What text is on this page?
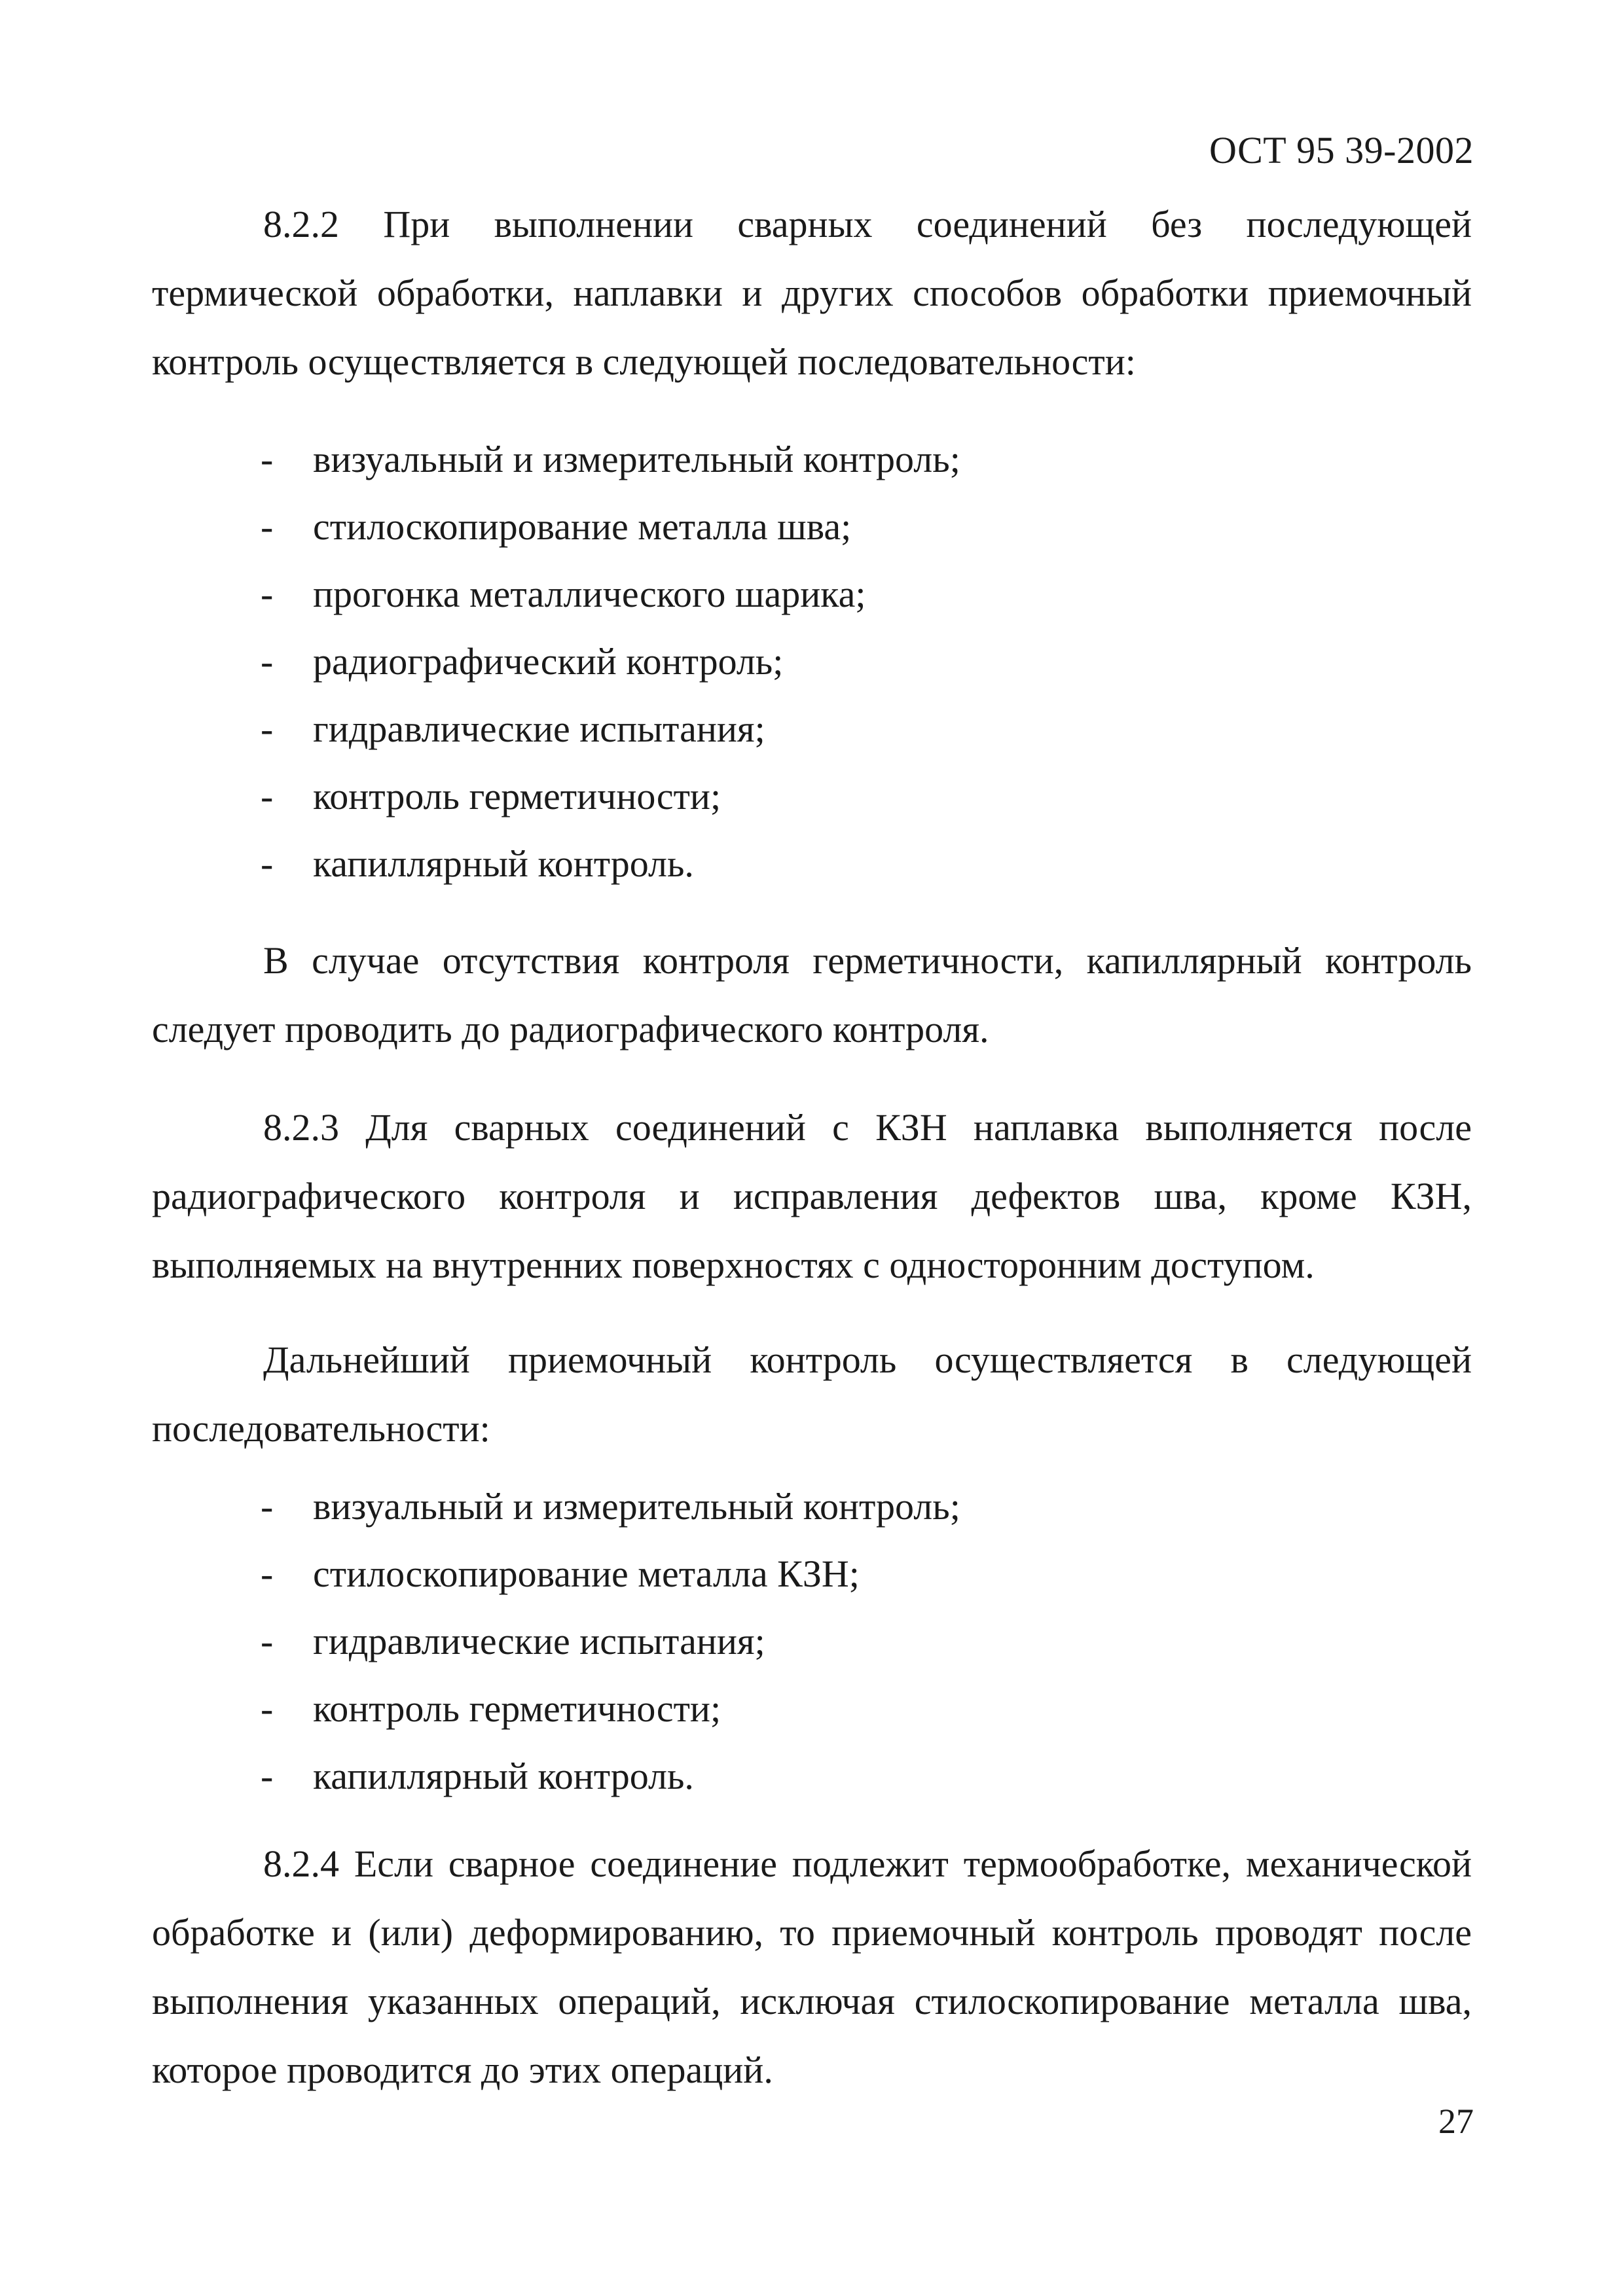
ОСТ 95 39-2002

8.2.2 При выполнении сварных соединений без последующей термической обработки, наплавки и других способов обработки приемочный контроль осуществляется в следующей последовательности:

- визуальный и измерительный контроль;
- стилоскопирование металла шва;
- прогонка металлического шарика;
- радиографический контроль;
- гидравлические испытания;
- контроль герметичности;
- капиллярный контроль.

В случае отсутствия контроля герметичности, капиллярный контроль следует проводить до радиографического контроля.

8.2.3 Для сварных соединений с КЗН наплавка выполняется после радиографического контроля и исправления дефектов шва, кроме КЗН, выполняемых на внутренних поверхностях с односторонним доступом.

Дальнейший приемочный контроль осуществляется в следующей последовательности:

- визуальный и измерительный контроль;
- стилоскопирование металла КЗН;
- гидравлические испытания;
- контроль герметичности;
- капиллярный контроль.

8.2.4 Если сварное соединение подлежит термообработке, механической обработке и (или) деформированию, то приемочный контроль проводят после выполнения указанных операций, исключая стилоскопирование металла шва, которое проводится до этих операций.

27
